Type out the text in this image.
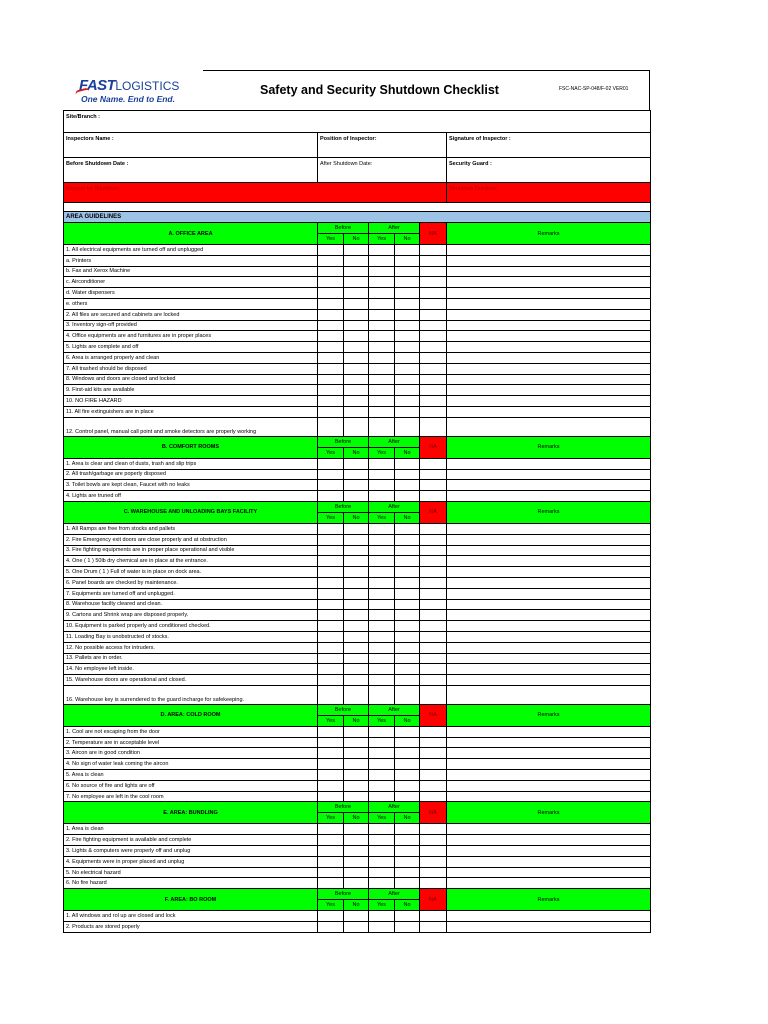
FASTLOGISTICS
One Name. End to End.
Safety and Security Shutdown Checklist	FSC-NAC-SP-048/F-02 VER01
Site/Branch :						
Inspectors Name :	Position of Inspector:					Signature of Inspector :
Before Shutdown Date :	After Shutdown Date:					Security Guard :
Reason for Shutdown						Shutdown Duration:

AREA GUIDELINES						
A. OFFICE AREA	Before		After		NA	Remarks
	Yes	No	Yes	No		
1. All electrical equipments are turned off and unplugged						
a. Printers						
b. Fax and Xerox Machine						
c. Airconditioner						
d. Water dispensers						
e. others						
2. All files are secured and cabinets are locked						
3. Inventory sign-off provided						
4. Office equipments are and furnitures are in proper places						
5. Lights are complete and off						
6. Area is arranged properly and clean						
7. All trashed should be disposed						
8. Windows and doors are closed and locked						
9. First-aid kits are available						
10. NO FIRE HAZARD						
11. All fire extinguishers are in place						
12. Control panel, manual call point and smoke detectors are properly working						
B. COMFORT ROOMS	Before		After		NA	Remarks
	Yes	No	Yes	No		
1. Area is clear and clean of dusts, trash and slip trips						
2. All trash/garbage are poperly disposed						
3. Toilet bowls are kept clean, Faucet with no leaks						
4. Lights are truned off						
C. WAREHOUSE AND UNLOADING BAYS FACILITY	Before		After		NA	Remarks
	Yes	No	Yes	No		
1. All Ramps are free from stocks and pallets						
2. Fire Emergency exit doors are close properly and at obstruction						
3. Fire fighting equipments are in proper place operational and visible						
4. One ( 1 ) 50lb dry chemical are in place at the entrance.						
5. One Drum ( 1 ) Full of water is in place on dock area.						
6. Panel boards are checked by maintenance.						
7. Equipments are turned off and unplugged.						
8. Warehouse facilty cleared and clean.						
9. Cartons and Shrink wrap are disposed properly.						
10. Equipment is parked properly and conditioned checked.						
11. Loading Bay is unobstructed of stocks.						
12. No possible access for intruders.						
13. Pallets are in order.						
14. No employee left inside.						
15. Warehouse doors are operational and closed.						
16. Warehouse key is surrendered to the guard incharge for safekeeping.						
D. AREA: COLD ROOM	Before		After		NA	Remarks
	Yes	No	Yes	No		
1. Cool are not escaping from the door						
2. Temperature are in acceptable level						
3. Aircon are in good condition						
4. No sign of water leak coming the aircon						
5. Area is clean						
6. No source of fire and lights are off						
7. No employee are left in the cool room						
E. AREA: BUNDLING	Before		After		NA	Remarks
	Yes	No	Yes	No		
1. Area is clean						
2. Fire fighting equipment is available and complete						
3. Lights & computers were properly off and unplug						
4. Equipments were in proper placed and unplug						
5. No electrical hazard						
6. No fire hazard						
F. AREA: BO ROOM	Before		After		NA	Remarks
	Yes	No	Yes	No		
1. All windows and rol up are closed and lock						
2. Products are stored poperly						
